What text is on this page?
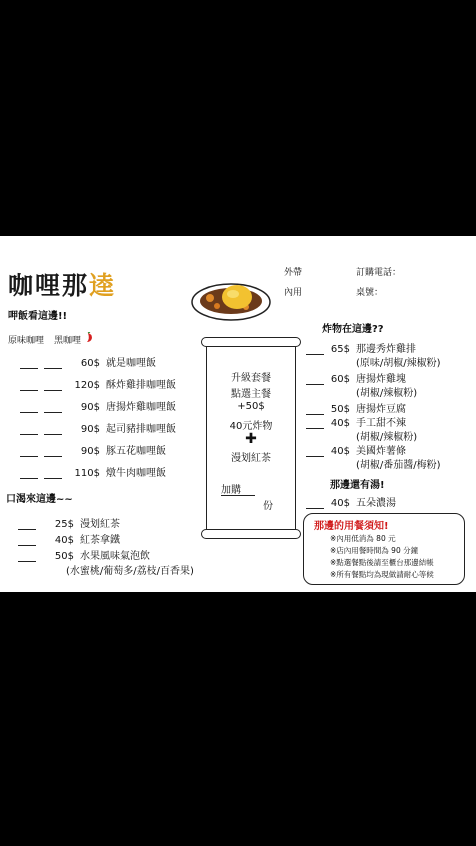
咖哩那逵	外帶
內用
訂購電話：
桌號：
呷飯看這邊!!
原味咖哩 黑咖哩
60$ 就是咖哩飯
120$ 酥炸雞排咖哩飯
90$ 唐揚炸雞咖哩飯
90$ 起司豬排咖哩飯
90$ 豚五花咖哩飯
110$ 燉牛肉咖哩飯
口渴來這邊~~
25$ 漫划紅茶
40$ 紅茶拿鐵
50$ 水果風味氣泡飲
(水蜜桃/葡萄多/荔枝/百香果)
升級套餐
點選主餐
+50$
40元炸物
✚
漫划紅茶
加購
份
炸物在這邊??
65$ 那邊秀炸雞排
(原味/胡椒/辣椒粉)
60$ 唐揚炸雞塊
(胡椒/辣椒粉)
50$ 唐揚炸豆腐
40$ 手工甜不辣
(胡椒/辣椒粉)
40$ 美國炸薯條
(胡椒/番茄醬/梅粉)
那邊還有湯!
40$ 五朵濃湯
那邊的用餐須知!
※內用低消為 80 元
※店內用餐時間為 90 分鐘
※點選餐點後請至櫃台那邊結帳
※所有餐點均為現做請耐心等候
